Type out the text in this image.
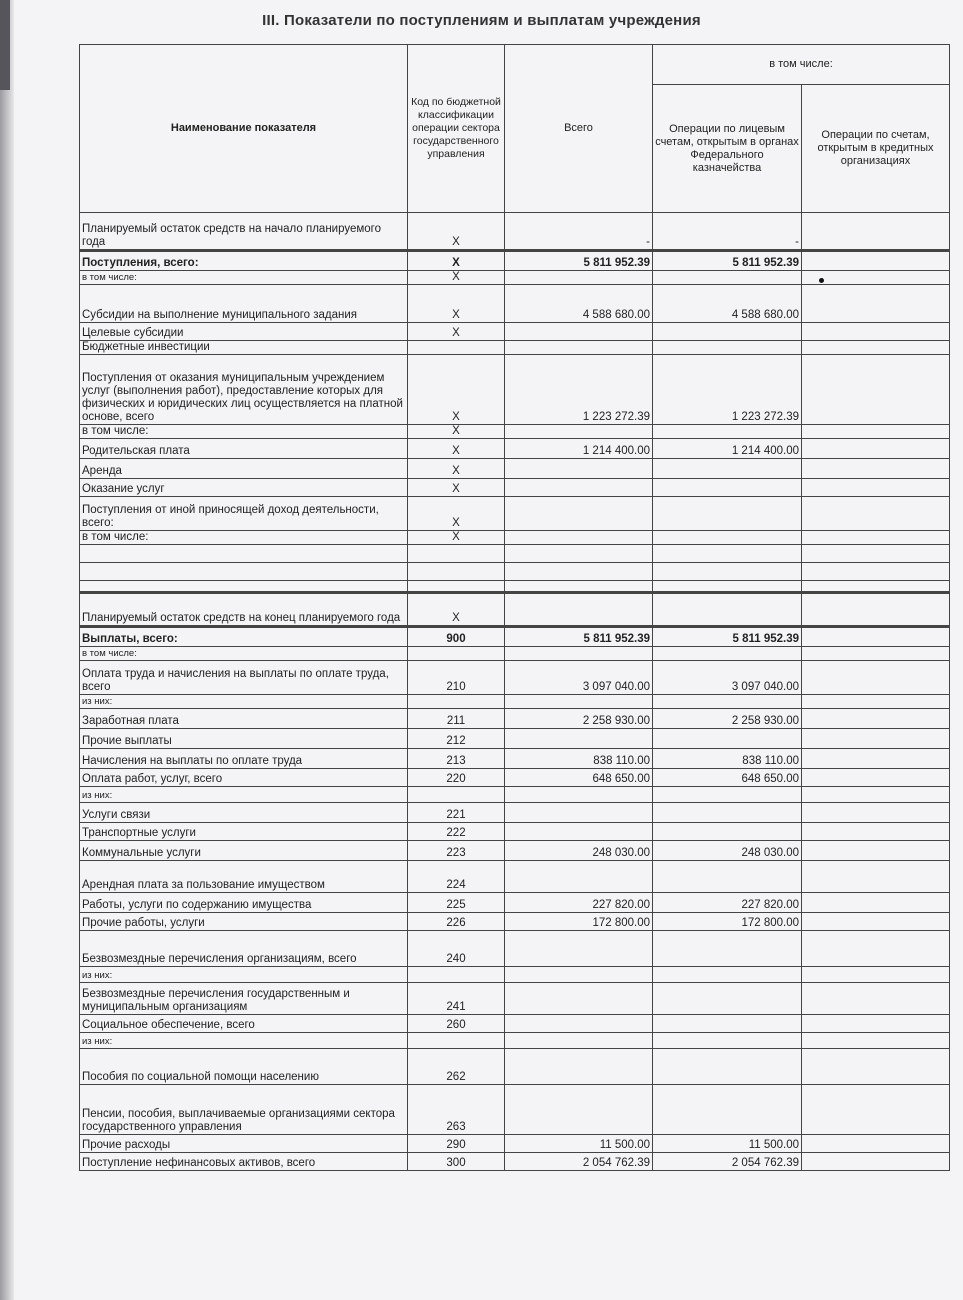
III. Показатели по поступлениям и выплатам учреждения
Наименование показателя	Код по бюджетной классификации операции сектора государственного управления	Всего	в том числе:	
			Операции по лицевым счетам, открытым в органах Федерального казначейства	Операции по счетам, открытым в кредитных организациях
Планируемый остаток средств на начало планируемого года	X	-	-	
Поступления, всего:	X	5 811 952.39	5 811 952.39	
в том числе:	X			
Субсидии на выполнение муниципального задания	X	4 588 680.00	4 588 680.00	
Целевые субсидии	X			
Бюджетные инвестиции				
Поступления от оказания муниципальным учреждением услуг (выполнения работ), предоставление которых для физических и юридических лиц осуществляется на платной основе, всего	X	1 223 272.39	1 223 272.39	
в том числе:	X			
Родительская плата	X	1 214 400.00	1 214 400.00	
Аренда	X			
Оказание услуг	X			
Поступления от иной приносящей доход деятельности, всего:	X			
в том числе:	X			

Планируемый остаток средств на конец планируемого года	X			
Выплаты, всего:	900	5 811 952.39	5 811 952.39	
в том числе:				
Оплата труда и начисления на выплаты по оплате труда, всего	210	3 097 040.00	3 097 040.00	
из них:				
Заработная плата	211	2 258 930.00	2 258 930.00	
Прочие выплаты	212			
Начисления на выплаты по оплате труда	213	838 110.00	838 110.00	
Оплата работ, услуг, всего	220	648 650.00	648 650.00	
из них:				
Услуги связи	221			
Транспортные услуги	222			
Коммунальные услуги	223	248 030.00	248 030.00	
Арендная плата за пользование имуществом	224			
Работы, услуги по содержанию имущества	225	227 820.00	227 820.00	
Прочие работы, услуги	226	172 800.00	172 800.00	
Безвозмездные перечисления организациям, всего	240			
из них:				
Безвозмездные перечисления государственным и муниципальным организациям	241			
Социальное обеспечение, всего	260			
из них:				
Пособия по социальной помощи населению	262			
Пенсии, пособия, выплачиваемые организациями сектора государственного управления	263			
Прочие расходы	290	11 500.00	11 500.00	
Поступление нефинансовых активов, всего	300	2 054 762.39	2 054 762.39	
